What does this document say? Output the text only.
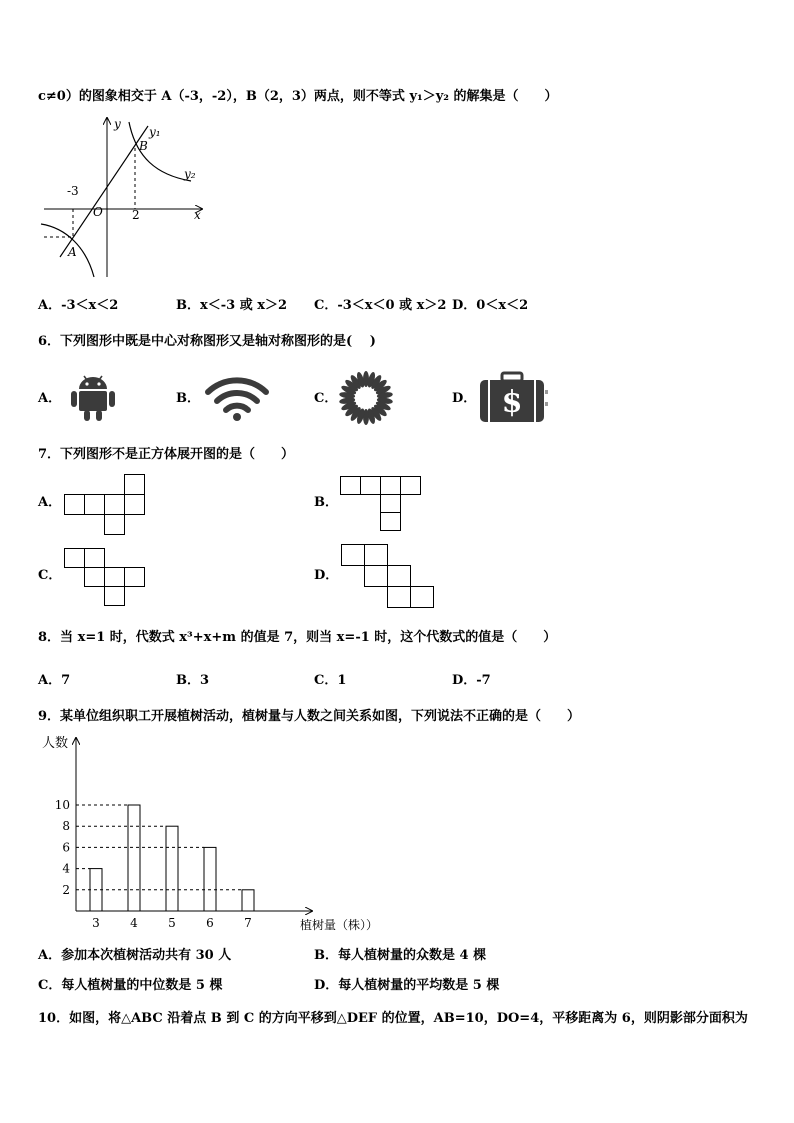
c≠0）的图象相交于 A（-3，-2），B（2，3）两点，则不等式 y₁＞y₂ 的解集是（　　）
y
y₁
B
y₂
-3
O 2	x
A
A．-3＜x＜2	B．x＜-3 或 x＞2 C．-3＜x＜0 或 x＞2 D．0＜x＜2
6．下列图形中既是中心对称图形又是轴对称图形的是(　 )
A．	B．	C．	D． $
7．下列图形不是正方体展开图的是（　　）
A．	B．
C．	D．
8．当 x=1 时，代数式 x³+x+m 的值是 7，则当 x=-1 时，这个代数式的值是（　　）
A．7	B．3	C．1	D．-7
9．某单位组织职工开展植树活动，植树量与人数之间关系如图，下列说法不正确的是（　　）
人数
植树量（株））
3	4	5	6	7
2
4
6
8
10
A．参加本次植树活动共有 30 人	B．每人植树量的众数是 4 棵
C．每人植树量的中位数是 5 棵	D．每人植树量的平均数是 5 棵
10．如图，将△ABC 沿着点 B 到 C 的方向平移到△DEF 的位置，AB=10，DO=4，平移距离为 6，则阴影部分面积为
